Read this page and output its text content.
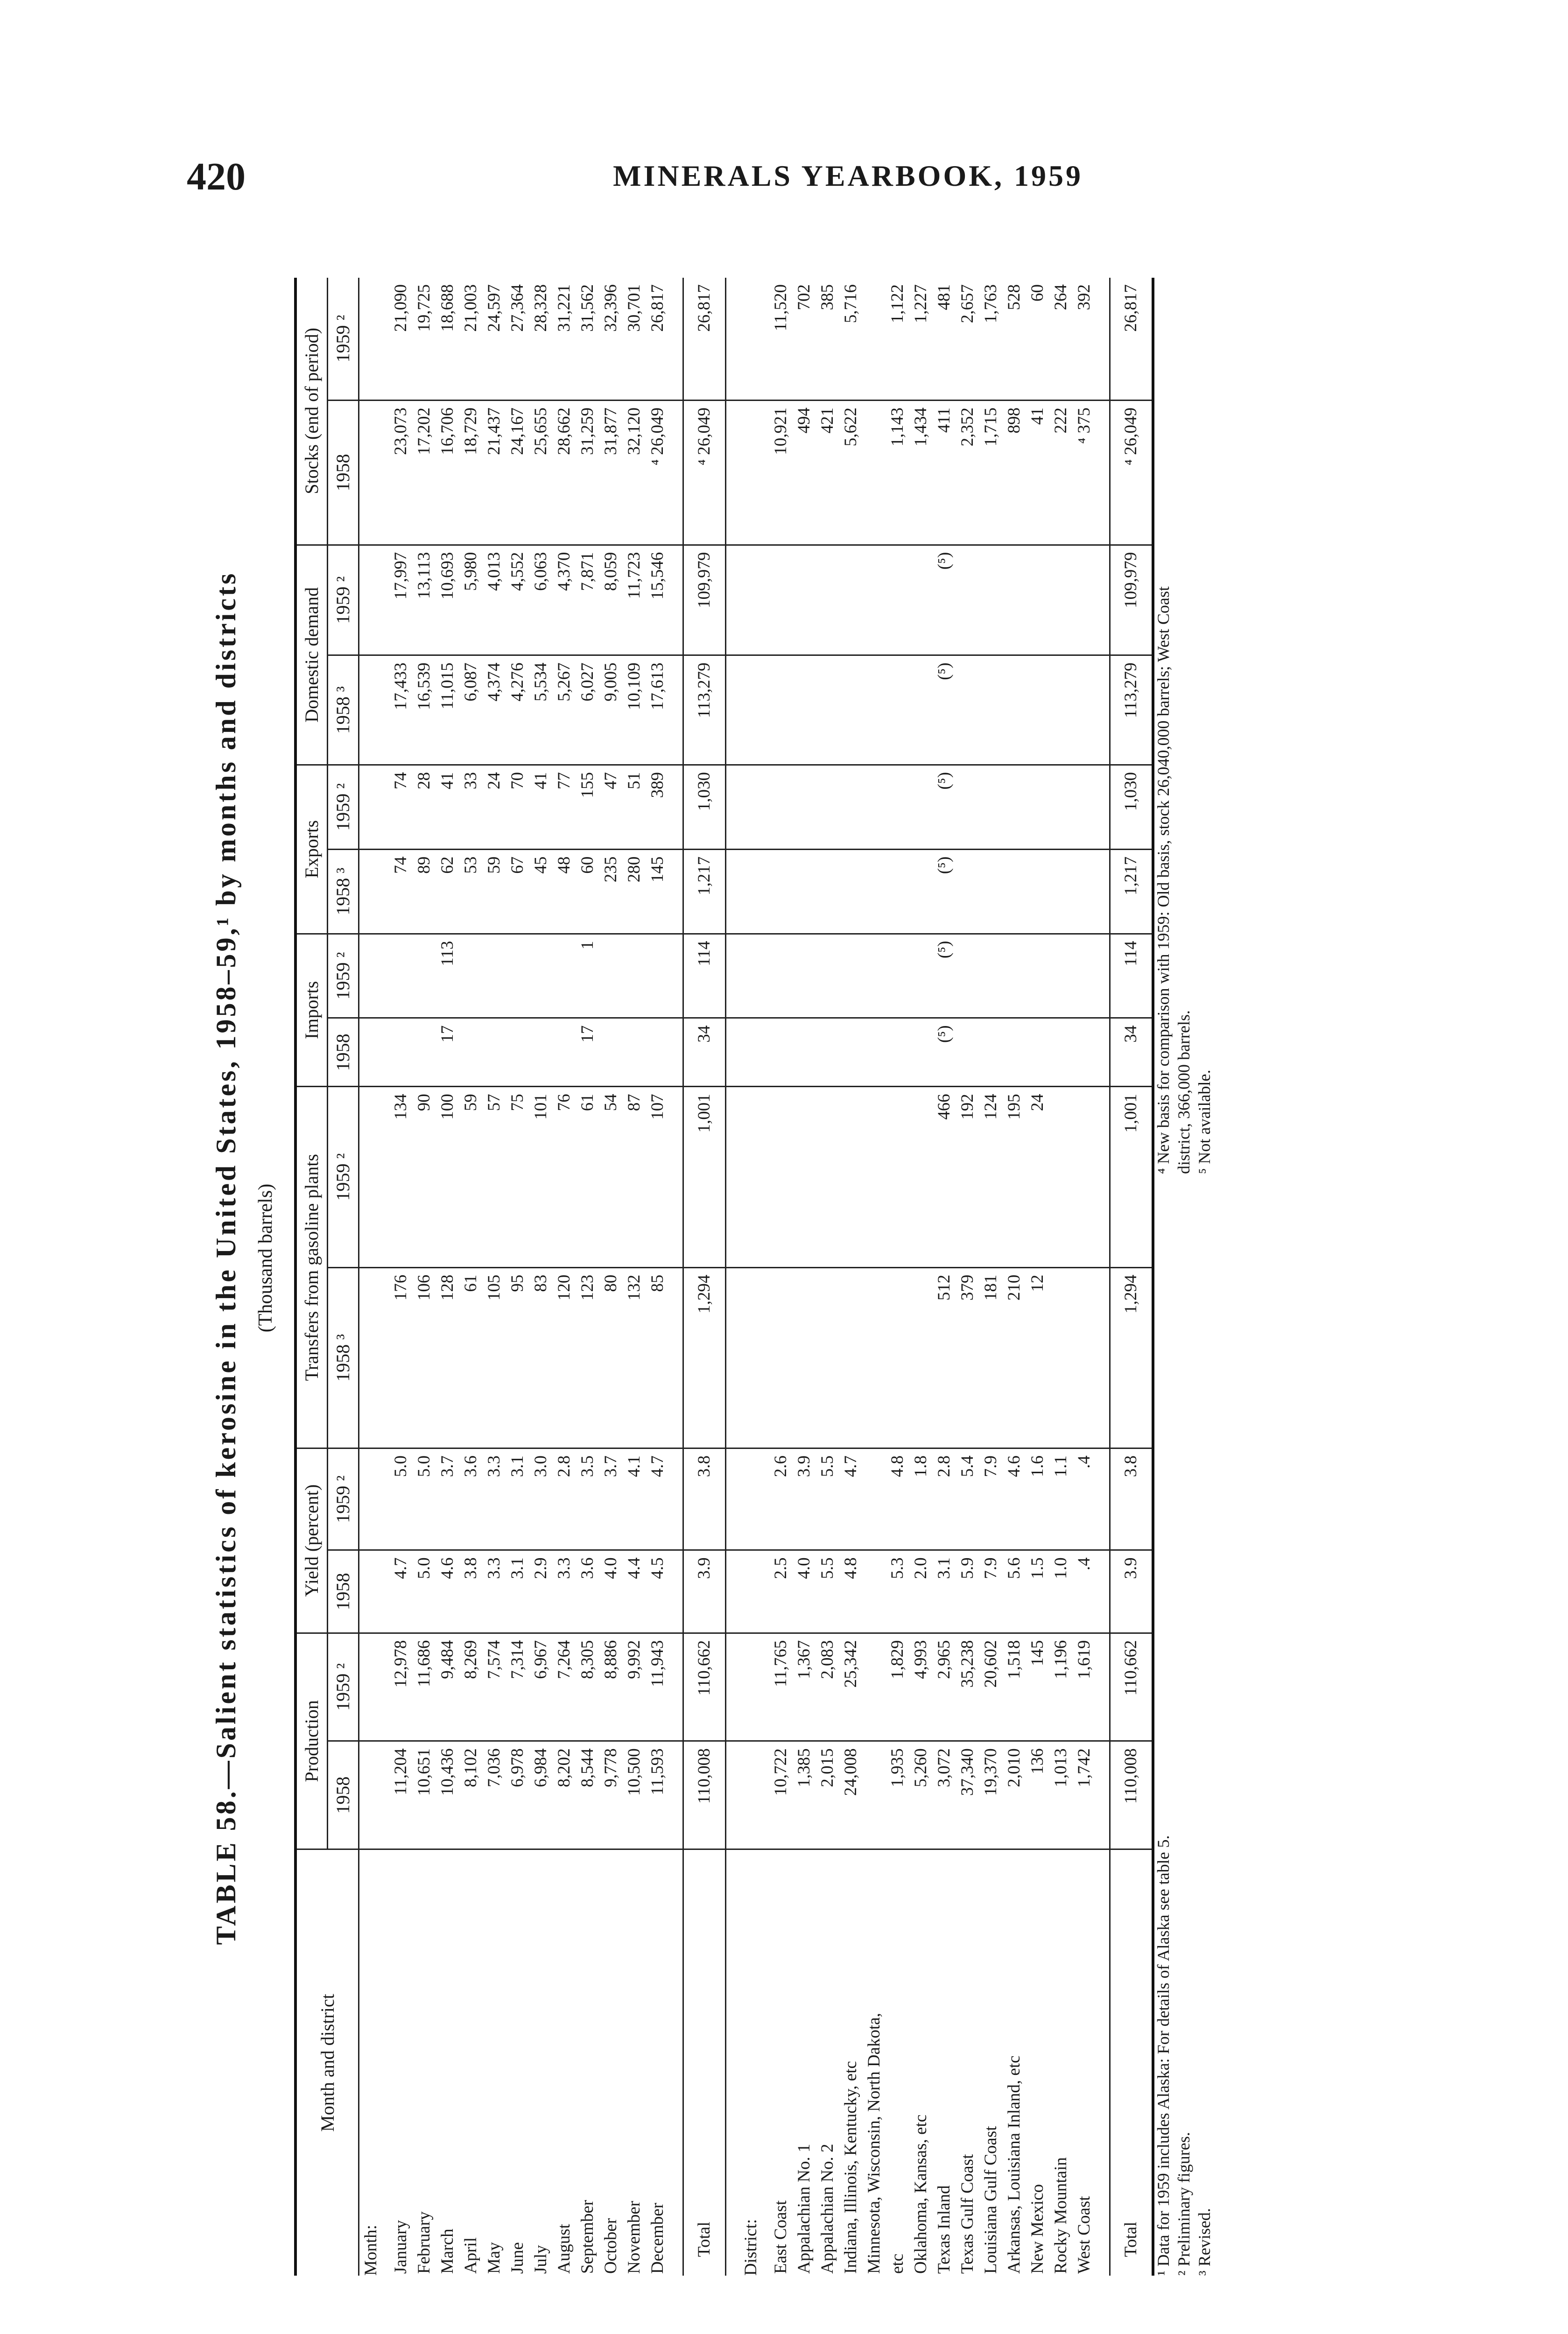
420	MINERALS YEARBOOK, 1959
TABLE 58.—Salient statistics of kerosine in the United States, 1958–59,¹ by months and districts (Thousand barrels)
Month and district	Production		Yield (percent)		Transfers from gasoline plants		Imports		Exports		Domestic demand		Stocks (end of period)	
	1958	1959 ²	1958	1959 ²	1958 ³	1959 ²	1958	1959 ²	1958 ³	1959 ²	1958 ³	1959 ²	1958	1959 ²
Month:														
January	11,204	12,978	4.7	5.0	176	134			74	74	17,433	17,997	23,073	21,090
February	10,651	11,686	5.0	5.0	106	90			89	28	16,539	13,113	17,202	19,725
March	10,436	9,484	4.6	3.7	128	100	17	113	62	41	11,015	10,693	16,706	18,688
April	8,102	8,269	3.8	3.6	61	59			53	33	6,087	5,980	18,729	21,003
May	7,036	7,574	3.3	3.3	105	57			59	24	4,374	4,013	21,437	24,597
June	6,978	7,314	3.1	3.1	95	75			67	70	4,276	4,552	24,167	27,364
July	6,984	6,967	2.9	3.0	83	101			45	41	5,534	6,063	25,655	28,328
August	8,202	7,264	3.3	2.8	120	76			48	77	5,267	4,370	28,662	31,221
September	8,544	8,305	3.6	3.5	123	61	17	1	60	155	6,027	7,871	31,259	31,562
October	9,778	8,886	4.0	3.7	80	54			235	47	9,005	8,059	31,877	32,396
November	10,500	9,992	4.4	4.1	132	87			280	51	10,109	11,723	32,120	30,701
December	11,593	11,943	4.5	4.7	85	107			145	389	17,613	15,546	⁴ 26,049	26,817

Total	110,008	110,662	3.9	3.8	1,294	1,001	34	114	1,217	1,030	113,279	109,979	⁴ 26,049	26,817

District:														
East Coast	10,722	11,765	2.5	2.6									10,921	11,520
Appalachian No. 1	1,385	1,367	4.0	3.9									494	702
Appalachian No. 2	2,015	2,083	5.5	5.5									421	385
Indiana, Illinois, Kentucky, etc	24,008	25,342	4.8	4.7									5,622	5,716
Minnesota, Wisconsin, North Dakota,														
etc	1,935	1,829	5.3	4.8									1,143	1,122
Oklahoma, Kansas, etc	5,260	4,993	2.0	1.8									1,434	1,227
Texas Inland	3,072	2,965	3.1	2.8	512	466	(⁵)	(⁵)	(⁵)	(⁵)	(⁵)	(⁵)	411	481
Texas Gulf Coast	37,340	35,238	5.9	5.4	379	192							2,352	2,657
Louisiana Gulf Coast	19,370	20,602	7.9	7.9	181	124							1,715	1,763
Arkansas, Louisiana Inland, etc	2,010	1,518	5.6	4.6	210	195							898	528
New Mexico	136	145	1.5	1.6	12	24							41	60
Rocky Mountain	1,013	1,196	1.0	1.1									222	264
West Coast	1,742	1,619	.4	.4									⁴ 375	392

Total	110,008	110,662	3.9	3.8	1,294	1,001	34	114	1,217	1,030	113,279	109,979	⁴ 26,049	26,817
¹ Data for 1959 includes Alaska: For details of Alaska see table 5. ² Preliminary figures. ³ Revised.
⁴ New basis for comparison with 1959: Old basis, stock 26,040,000 barrels; West Coast district, 366,000 barrels. ⁵ Not available.
